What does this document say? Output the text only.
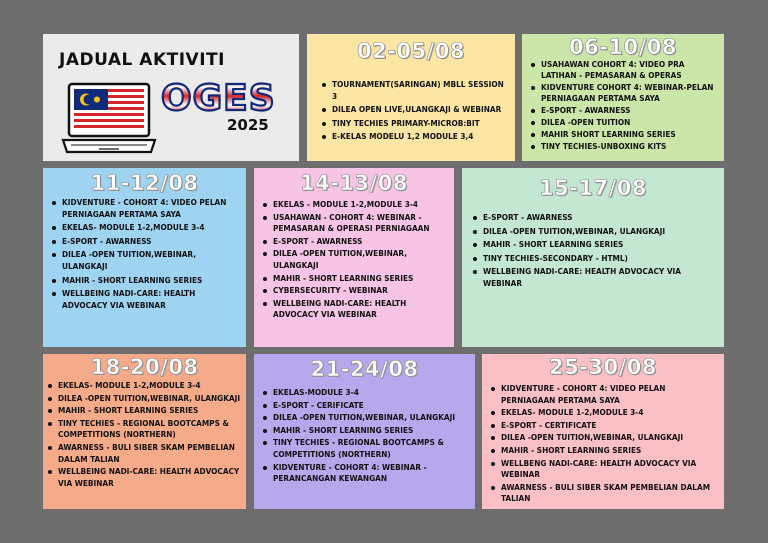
JADUAL AKTIVITI
OGES
2025
02-05/08
TOURNAMENT(SARINGAN) MBLL SESSION 3
DILEA OPEN LIVE,ULANGKAJI & WEBINAR
TINY TECHIES PRIMARY-MICROB:BIT
E-KELAS MODELU 1,2 MODULE 3,4
06-10/08
USAHAWAN COHORT 4: VIDEO PRA LATIHAN - PEMASARAN & OPERAS
KIDVENTURE COHORT 4: WEBINAR-PELAN PERNIAGAAN PERTAMA SAYA
E-SPORT - AWARNESS
DILEA -OPEN TUITION
MAHIR SHORT LEARNING SERIES
TINY TECHIES-UNBOXING KITS
11-12/08
KIDVENTURE - COHORT 4: VIDEO PELAN PERNIAGAAN PERTAMA SAYA
EKELAS- MODULE 1-2,MODULE 3-4
E-SPORT - AWARNESS
DILEA -OPEN TUITION,WEBINAR, ULANGKAJI
MAHIR - SHORT LEARNING SERIES
WELLBEING NADI-CARE: HEALTH ADVOCACY VIA WEBINAR
14-13/08
EKELAS - MODULE 1-2,MODULE 3-4
USAHAWAN - COHORT 4: WEBINAR - PEMASARAN & OPERASI PERNIAGAAN
E-SPORT - AWARNESS
DILEA -OPEN TUITION,WEBINAR, ULANGKAJI
MAHIR - SHORT LEARNING SERIES
CYBERSECURITY - WEBINAR
WELLBEING NADI-CARE: HEALTH ADVOCACY VIA WEBINAR
15-17/08
E-SPORT - AWARNESS
DILEA -OPEN TUITION,WEBINAR, ULANGKAJI
MAHIR - SHORT LEARNING SERIES
TINY TECHIES-SECONDARY - HTML)
WELLBEING NADI-CARE: HEALTH ADVOCACY VIA WEBINAR
18-20/08
EKELAS- MODULE 1-2,MODULE 3-4
DILEA -OPEN TUITION,WEBINAR, ULANGKAJI
MAHIR - SHORT LEARNING SERIES
TINY TECHIES - REGIONAL BOOTCAMPS & COMPETITIONS (NORTHERN)
AWARNESS - BULI SIBER SKAM PEMBELIAN DALAM TALIAN
WELLBEING NADI-CARE: HEALTH ADVOCACY VIA WEBINAR
21-24/08
EKELAS-MODULE 3-4
E-SPORT - CERIFICATE
DILEA -OPEN TUITION,WEBINAR, ULANGKAJI
MAHIR - SHORT LEARNING SERIES
TINY TECHIES - REGIONAL BOOTCAMPS & COMPETITIONS (NORTHERN)
KIDVENTURE - COHORT 4: WEBINAR - PERANCANGAN KEWANGAN
25-30/08
KIDVENTURE - COHORT 4: VIDEO PELAN PERNIAGAAN PERTAMA SAYA
EKELAS- MODULE 1-2,MODULE 3-4
E-SPORT - CERTIFICATE
DILEA -OPEN TUITION,WEBINAR, ULANGKAJI
MAHIR - SHORT LEARNING SERIES
WELLBENG NADI-CARE: HEALTH ADVOCACY VIA WEBINAR
AWARNESS - BULI SIBER SKAM PEMBELIAN DALAM TALIAN
